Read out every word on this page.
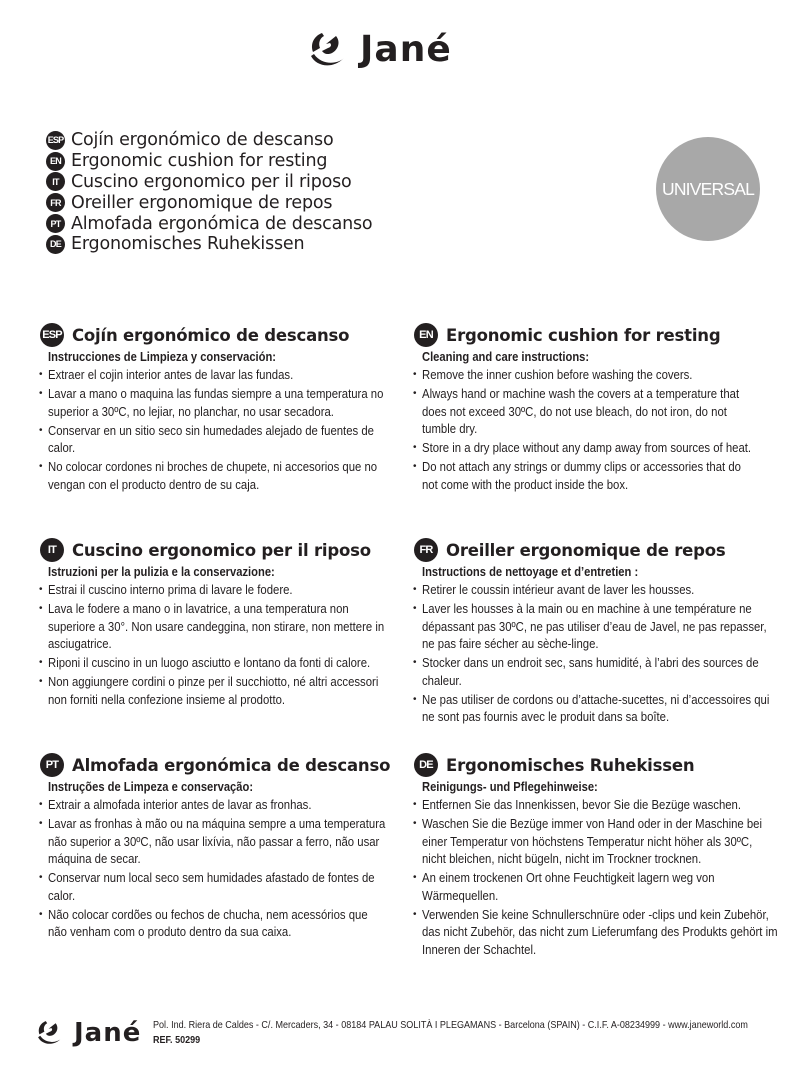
Jané
ESP Cojín ergonómico de descanso
EN Ergonomic cushion for resting
IT Cuscino ergonomico per il riposo
FR Oreiller ergonomique de repos
PT Almofada ergonómica de descanso
DE Ergonomisches Ruhekissen
UNIVERSAL
ESP Cojín ergonómico de descanso
Instrucciones de Limpieza y conservación:
• Extraer el cojin interior antes de lavar las fundas.
• Lavar a mano o maquina las fundas siempre a una temperatura no superior a 30ºC, no lejiar, no planchar, no usar secadora.
• Conservar en un sitio seco sin humedades alejado de fuentes de calor.
• No colocar cordones ni broches de chupete, ni accesorios que no vengan con el producto dentro de su caja.
EN Ergonomic cushion for resting
Cleaning and care instructions:
• Remove the inner cushion before washing the covers.
• Always hand or machine wash the covers at a temperature that does not exceed 30ºC, do not use bleach, do not iron, do not tumble dry.
• Store in a dry place without any damp away from sources of heat.
• Do not attach any strings or dummy clips or accessories that do not come with the product inside the box.
IT Cuscino ergonomico per il riposo
Istruzioni per la pulizia e la conservazione:
• Estrai il cuscino interno prima di lavare le fodere.
• Lava le fodere a mano o in lavatrice, a una temperatura non superiore a 30°. Non usare candeggina, non stirare, non mettere in asciugatrice.
• Riponi il cuscino in un luogo asciutto e lontano da fonti di calore.
• Non aggiungere cordini o pinze per il succhiotto, né altri accessori non forniti nella confezione insieme al prodotto.
FR Oreiller ergonomique de repos
Instructions de nettoyage et d’entretien :
• Retirer le coussin intérieur avant de laver les housses.
• Laver les housses à la main ou en machine à une température ne dépassant pas 30ºC, ne pas utiliser d’eau de Javel, ne pas repasser, ne pas faire sécher au sèche-linge.
• Stocker dans un endroit sec, sans humidité, à l’abri des sources de chaleur.
• Ne pas utiliser de cordons ou d’attache-sucettes, ni d’accessoires qui ne sont pas fournis avec le produit dans sa boîte.
PT Almofada ergonómica de descanso
Instruções de Limpeza e conservação:
• Extrair a almofada interior antes de lavar as fronhas.
• Lavar as fronhas à mão ou na máquina sempre a uma temperatura não superior a 30ºC, não usar lixívia, não passar a ferro, não usar máquina de secar.
• Conservar num local seco sem humidades afastado de fontes de calor.
• Não colocar cordões ou fechos de chucha, nem acessórios que não venham com o produto dentro da sua caixa.
DE Ergonomisches Ruhekissen
Reinigungs- und Pflegehinweise:
• Entfernen Sie das Innenkissen, bevor Sie die Bezüge waschen.
• Waschen Sie die Bezüge immer von Hand oder in der Maschine bei einer Temperatur von höchstens Temperatur nicht höher als 30ºC, nicht bleichen, nicht bügeln, nicht im Trockner trocknen.
• An einem trockenen Ort ohne Feuchtigkeit lagern weg von Wärmequellen.
• Verwenden Sie keine Schnullerschnüre oder -clips und kein Zubehör, das nicht Zubehör, das nicht zum Lieferumfang des Produkts gehört im Inneren der Schachtel.
Jané Pol. Ind. Riera de Caldes - C/. Mercaders, 34 - 08184 PALAU SOLITÀ I PLEGAMANS - Barcelona (SPAIN) - C.I.F. A-08234999 - www.janeworld.com
REF. 50299
